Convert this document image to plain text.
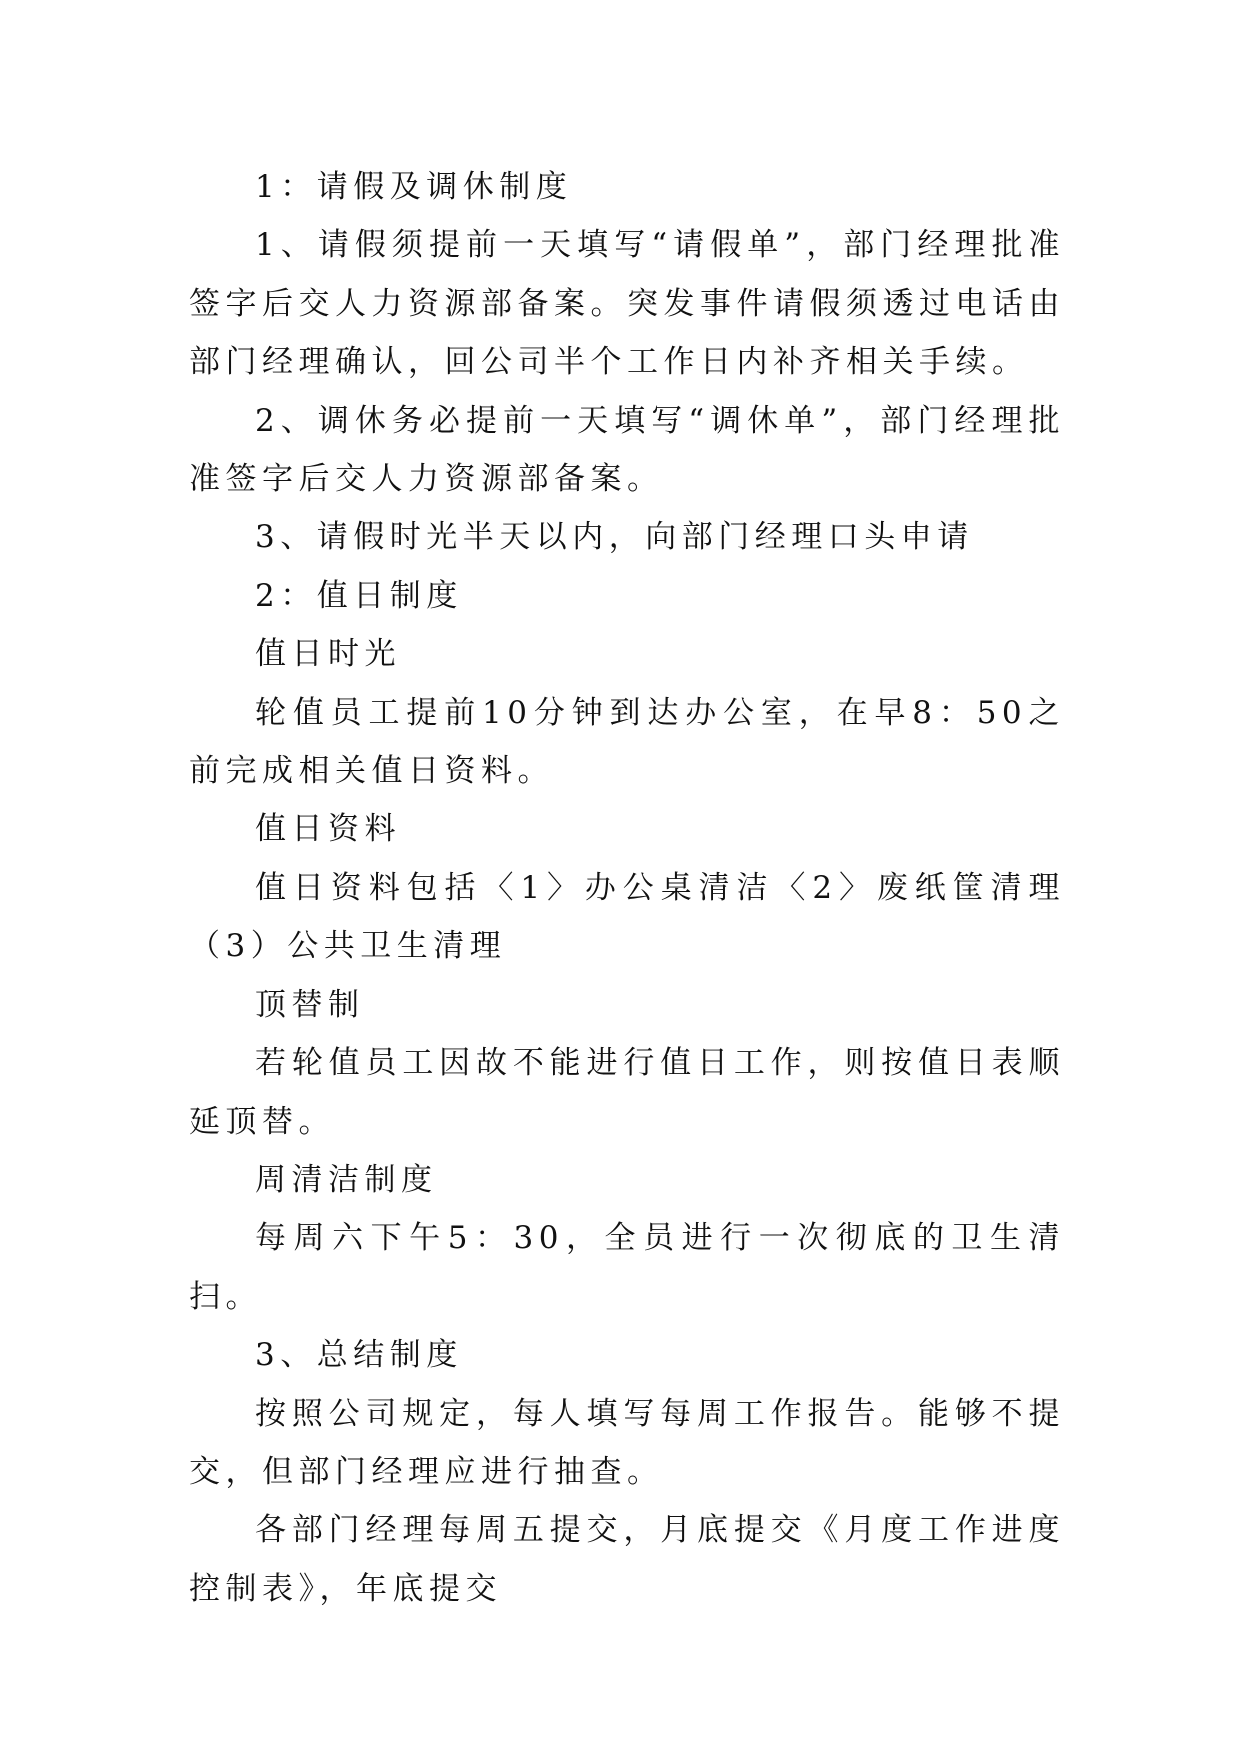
1：请假及调休制度

1、请假须提前一天填写“请假单”，部门经理批准签字后交人力资源部备案。突发事件请假须透过电话由部门经理确认，回公司半个工作日内补齐相关手续。

2、调休务必提前一天填写“调休单”，部门经理批准签字后交人力资源部备案。

3、请假时光半天以内，向部门经理口头申请

2：值日制度

值日时光

轮值员工提前10分钟到达办公室，在早8：50之前完成相关值日资料。

值日资料

值日资料包括〈1〉办公桌清洁〈2〉废纸筐清理（3）公共卫生清理

顶替制

若轮值员工因故不能进行值日工作，则按值日表顺延顶替。

周清洁制度

每周六下午5：30，全员进行一次彻底的卫生清扫。

3、总结制度

按照公司规定，每人填写每周工作报告。能够不提交，但部门经理应进行抽查。

各部门经理每周五提交，月底提交《月度工作进度控制表》，年底提交
